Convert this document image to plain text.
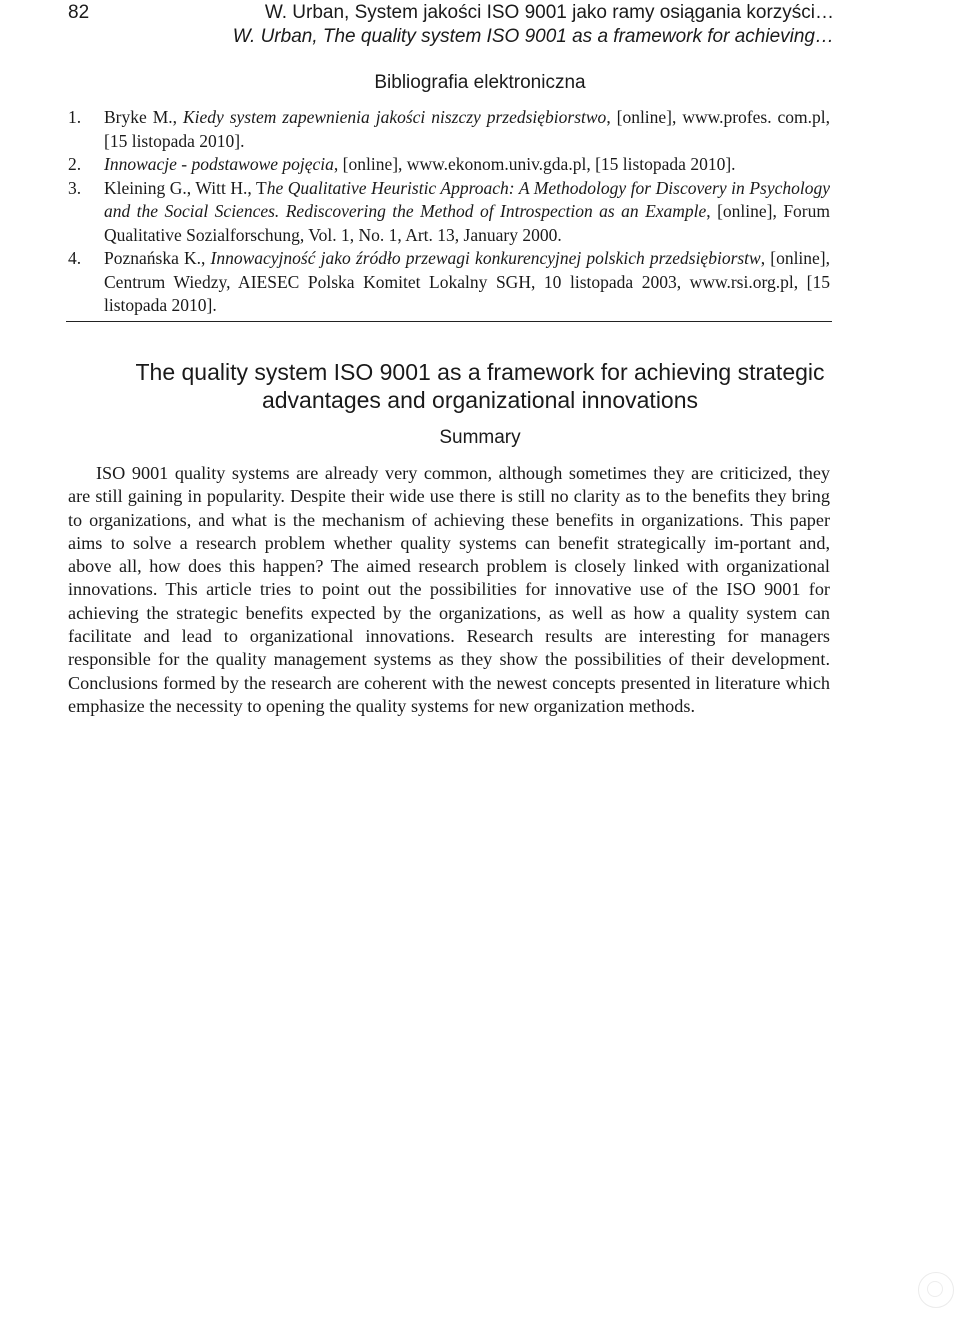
82	W. Urban, System jakości ISO 9001 jako ramy osiągania korzyści…
W. Urban, The quality system ISO 9001 as a framework for achieving…
Bibliografia elektroniczna
1.	Bryke M., Kiedy system zapewnienia jakości niszczy przedsiębiorstwo, [online], www.profes. com.pl, [15 listopada 2010].
2.	Innowacje - podstawowe pojęcia, [online], www.ekonom.univ.gda.pl, [15 listopada 2010].
3.	Kleining G., Witt H., The Qualitative Heuristic Approach: A Methodology for Discovery in Psychology and the Social Sciences. Rediscovering the Method of Introspection as an Example, [online], Forum Qualitative Sozialforschung, Vol. 1, No. 1, Art. 13, January 2000.
4.	Poznańska K., Innowacyjność jako źródło przewagi konkurencyjnej polskich przedsiębiorstw, [online], Centrum Wiedzy, AIESEC Polska Komitet Lokalny SGH, 10 listopada 2003, www.rsi.org.pl, [15 listopada 2010].
The quality system ISO 9001 as a framework for achieving strategic
advantages and organizational innovations
Summary

ISO 9001 quality systems are already very common, although sometimes they are criticized, they are still gaining in popularity. Despite their wide use there is still no clarity as to the benefits they bring to organizations, and what is the mechanism of achieving these benefits in organizations. This paper aims to solve a research problem whether quality systems can benefit strategically im-portant and, above all, how does this happen? The aimed research problem is closely linked with organizational innovations. This article tries to point out the possibilities for innovative use of the ISO 9001 for achieving the strategic benefits expected by the organizations, as well as how a quality system can facilitate and lead to organizational innovations. Research results are interesting for managers responsible for the quality management systems as they show the possibilities of their development. Conclusions formed by the research are coherent with the newest concepts presented in literature which emphasize the necessity to opening the quality systems for new organization methods.
